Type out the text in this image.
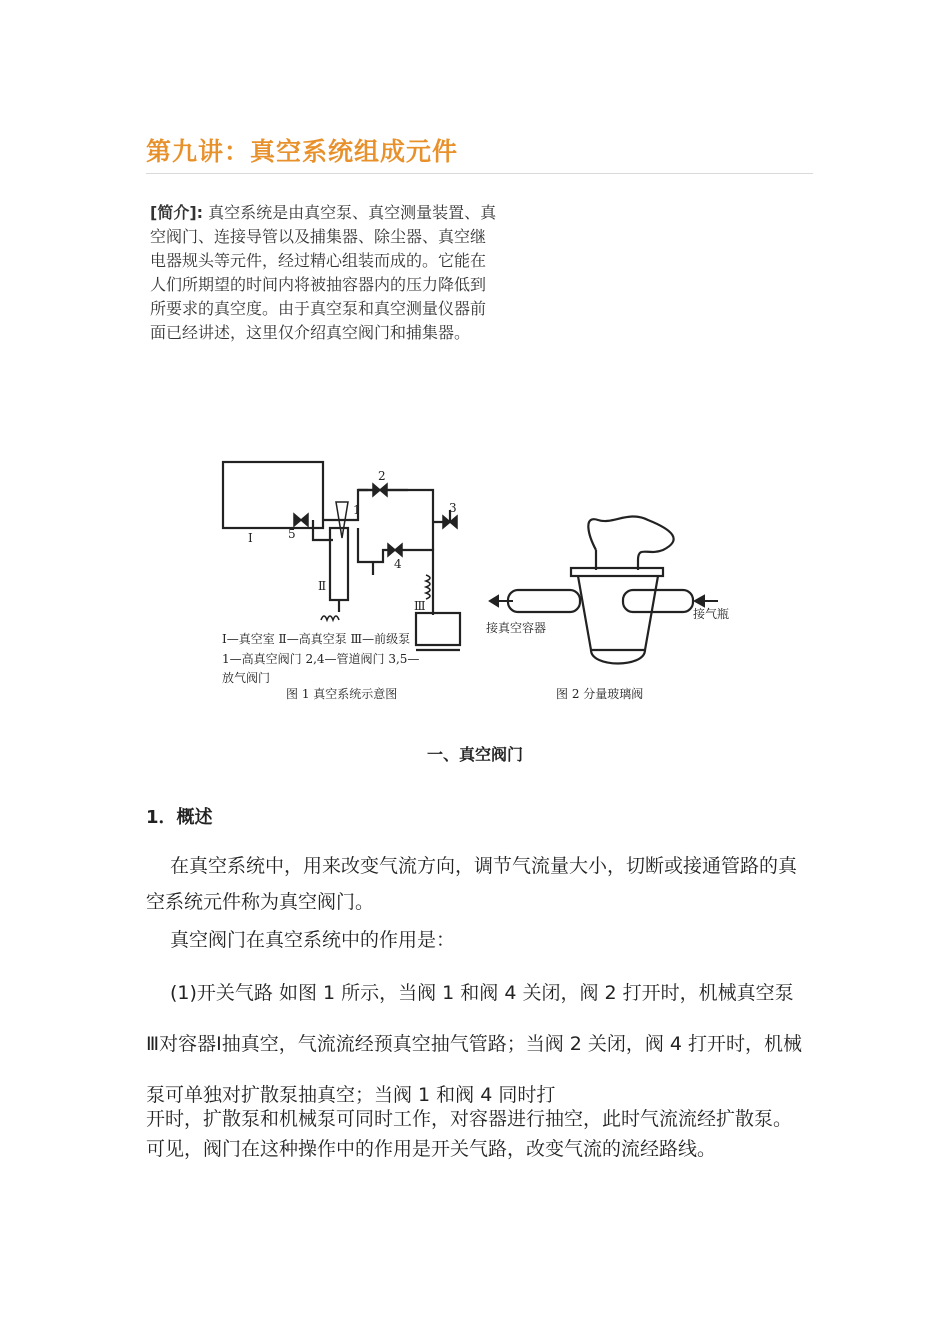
第九讲：真空系统组成元件
[简介]: 真空系统是由真空泵、真空测量装置、真空阀门、连接导管以及捕集器、除尘器、真空继电器规头等元件，经过精心组装而成的。它能在人们所期望的时间内将被抽容器内的压力降低到所要求的真空度。由于真空泵和真空测量仪器前面已经讲述，这里仅介绍真空阀门和捕集器。
Ⅰ
Ⅱ
Ⅲ
1
2
3
4
5
Ⅰ—真空室 Ⅱ—高真空泵 Ⅲ—前级泵
1—高真空阀门 2,4—管道阀门 3,5—
放气阀门
图 1 真空系统示意图
接真空容器
接气瓶
图 2 分量玻璃阀
一、真空阀门
1．概述
在真空系统中，用来改变气流方向，调节气流量大小，切断或接通管路的真空系统元件称为真空阀门。
真空阀门在真空系统中的作用是：
(1)开关气路 如图 1 所示，当阀 1 和阀 4 关闭，阀 2 打开时，机械真空泵Ⅲ对容器Ⅰ抽真空，气流流经预真空抽气管路；当阀 2 关闭，阀 4 打开时，机械泵可单独对扩散泵抽真空；当阀 1 和阀 4 同时打
开时，扩散泵和机械泵可同时工作，对容器进行抽空，此时气流流经扩散泵。可见，阀门在这种操作中的作用是开关气路，改变气流的流经路线。
